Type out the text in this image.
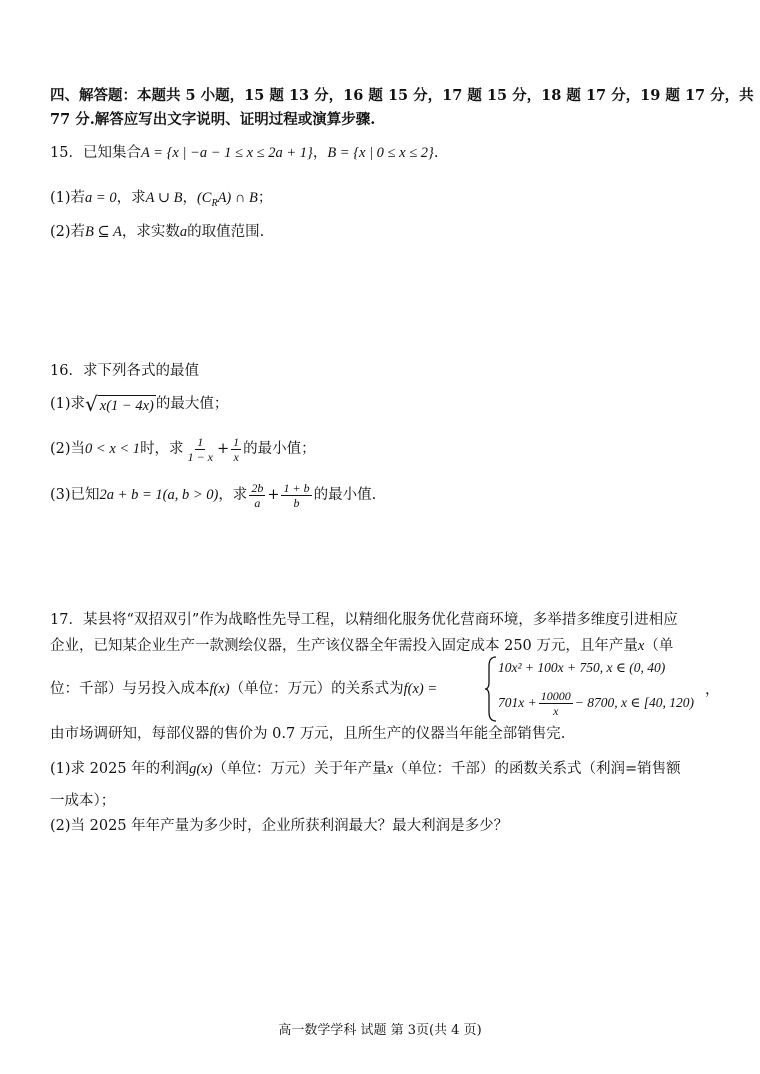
四、解答题：本题共 5 小题，15 题 13 分，16 题 15 分，17 题 15 分，18 题 17 分，19 题 17 分，共
77 分.解答应写出文字说明、证明过程或演算步骤.
15．已知集合A = {x | −a − 1 ≤ x ≤ 2a + 1}，B = {x | 0 ≤ x ≤ 2}.
(1)若a = 0，求A ∪ B，$(C_RA)$ ∩ B；
(2)若B ⊆ A，求实数a的取值范围.
16．求下列各式的最值
(1)求 √ x(1 − 4x) 的最大值；
(2)当0 < x < 1时，求 $\frac{1}{1 - x} + \frac{1}{x}$ 的最小值；
(3)已知2a + b = 1(a, b > 0)，求 $\frac{2b}{a} + \frac{1 + b}{b}$ 的最小值.
17．某县将“双招双引”作为战略性先导工程，以精细化服务优化营商环境，多举措多维度引进相应
企业，已知某企业生产一款测绘仪器，生产该仪器全年需投入固定成本 250 万元，且年产量x（单
位：千部）与另投入成本f(x)（单位：万元）的关系式为f(x) =
10x² + 100x + 750, x ∈ (0, 40)
$701x + \frac{10000}{x} - 8700$, x ∈ [40, 120)
，
由市场调研知，每部仪器的售价为 0.7 万元，且所生产的仪器当年能全部销售完.
(1)求 2025 年的利润g(x)（单位：万元）关于年产量x（单位：千部）的函数关系式（利润=销售额
一成本）；
(2)当 2025 年年产量为多少时，企业所获利润最大？最大利润是多少？
高一数学学科 试题 第 3页(共 4 页)
